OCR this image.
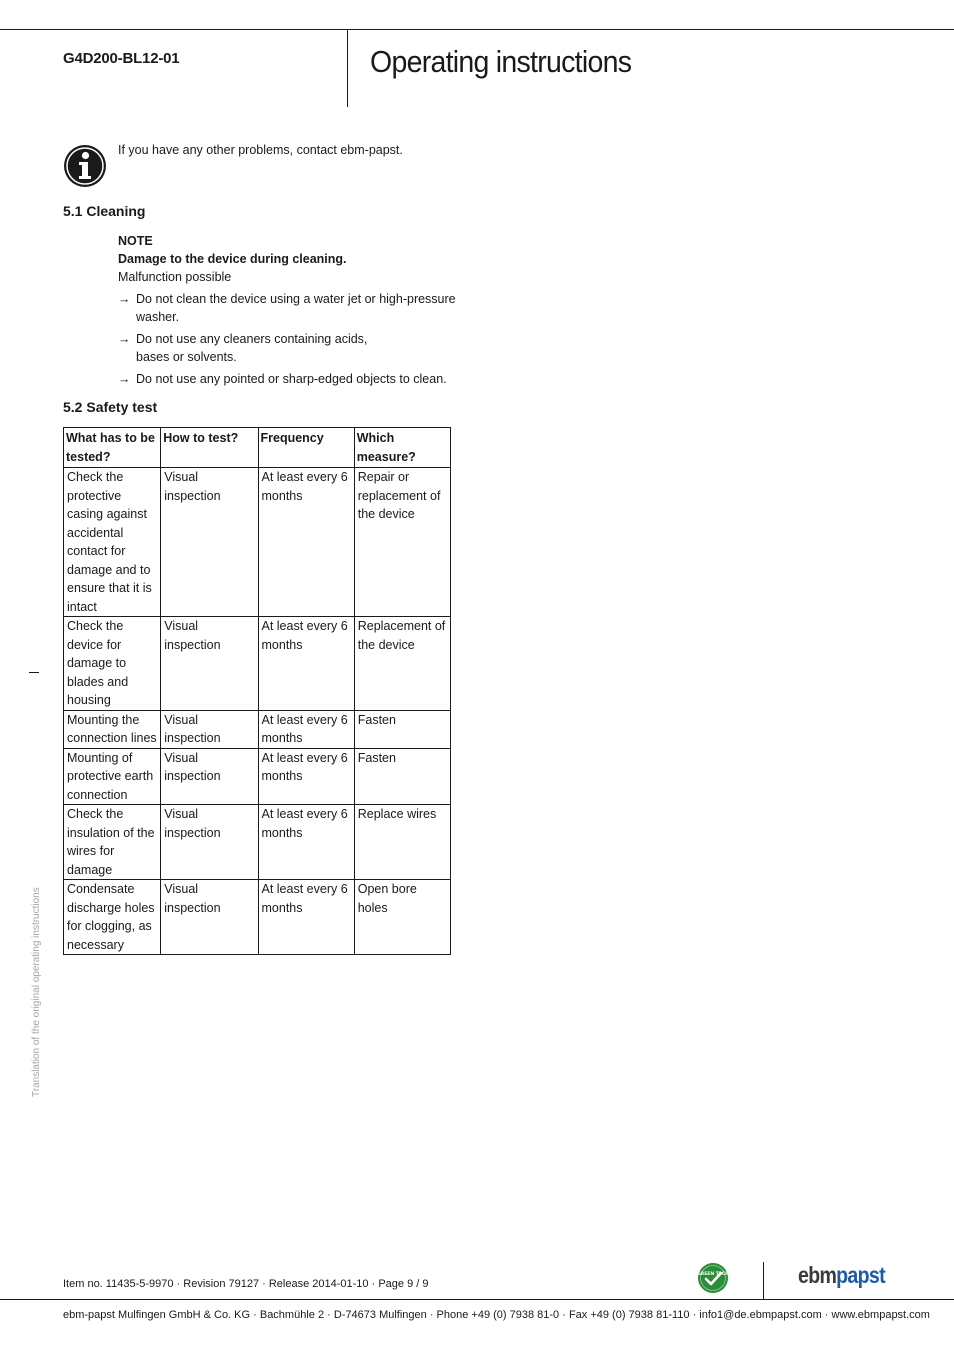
G4D200-BL12-01	Operating instructions
If you have any other problems, contact ebm-papst.
5.1 Cleaning
NOTE
Damage to the device during cleaning.
Malfunction possible
→ Do not clean the device using a water jet or high-pressure
washer.
→ Do not use any cleaners containing acids,
bases or solvents.
→ Do not use any pointed or sharp-edged objects to clean.
5.2 Safety test
What has to be tested?	How to test?	Frequency	Which measure?
Check the protective casing against accidental contact for damage and to ensure that it is intact	Visual inspection	At least every 6 months	Repair or replacement of the device
Check the device for damage to blades and housing	Visual inspection	At least every 6 months	Replacement of the device
Mounting the connection lines	Visual inspection	At least every 6 months	Fasten
Mounting of protective earth connection	Visual inspection	At least every 6 months	Fasten
Check the insulation of the wires for damage	Visual inspection	At least every 6 months	Replace wires
Condensate discharge holes for clogging, as necessary	Visual inspection	At least every 6 months	Open bore holes
Translation of the original operating instructions
Item no. 11435-5-9970 · Revision 79127 · Release 2014-01-10 · Page 9 / 9
GREEN TECH	ebmpapst
ebm-papst Mulfingen GmbH & Co. KG · Bachmühle 2 · D-74673 Mulfingen · Phone +49 (0) 7938 81-0 · Fax +49 (0) 7938 81-110 · info1@de.ebmpapst.com · www.ebmpapst.com
